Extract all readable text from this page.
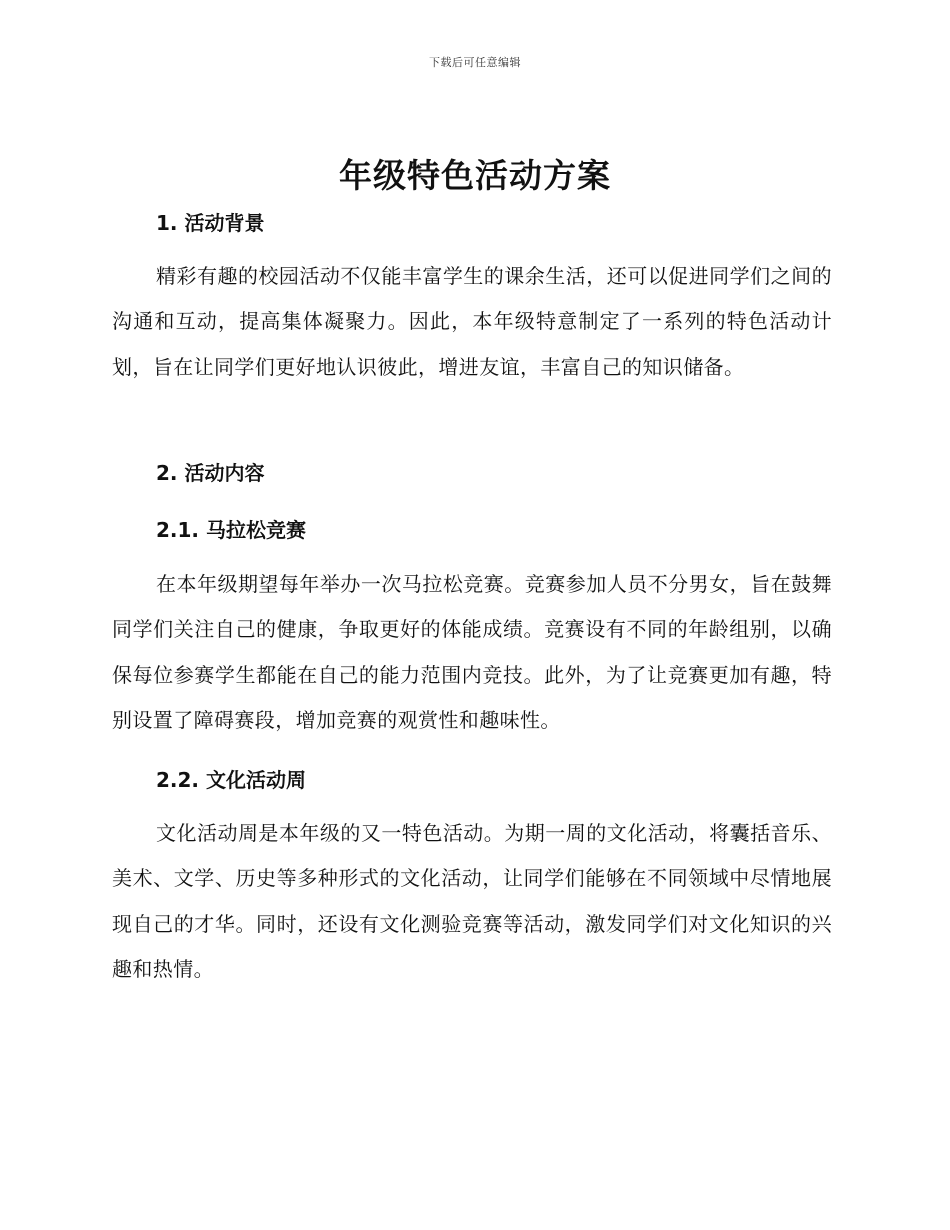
下载后可任意编辑
年级特色活动方案
1. 活动背景

精彩有趣的校园活动不仅能丰富学生的课余生活，还可以促进同学们之间的沟通和互动，提高集体凝聚力。因此，本年级特意制定了一系列的特色活动计划，旨在让同学们更好地认识彼此，增进友谊，丰富自己的知识储备。

2. 活动内容
2.1. 马拉松竞赛

在本年级期望每年举办一次马拉松竞赛。竞赛参加人员不分男女，旨在鼓舞同学们关注自己的健康，争取更好的体能成绩。竞赛设有不同的年龄组别，以确保每位参赛学生都能在自己的能力范围内竞技。此外，为了让竞赛更加有趣，特别设置了障碍赛段，增加竞赛的观赏性和趣味性。

2.2. 文化活动周

文化活动周是本年级的又一特色活动。为期一周的文化活动，将囊括音乐、美术、文学、历史等多种形式的文化活动，让同学们能够在不同领域中尽情地展现自己的才华。同时，还设有文化测验竞赛等活动，激发同学们对文化知识的兴趣和热情。
